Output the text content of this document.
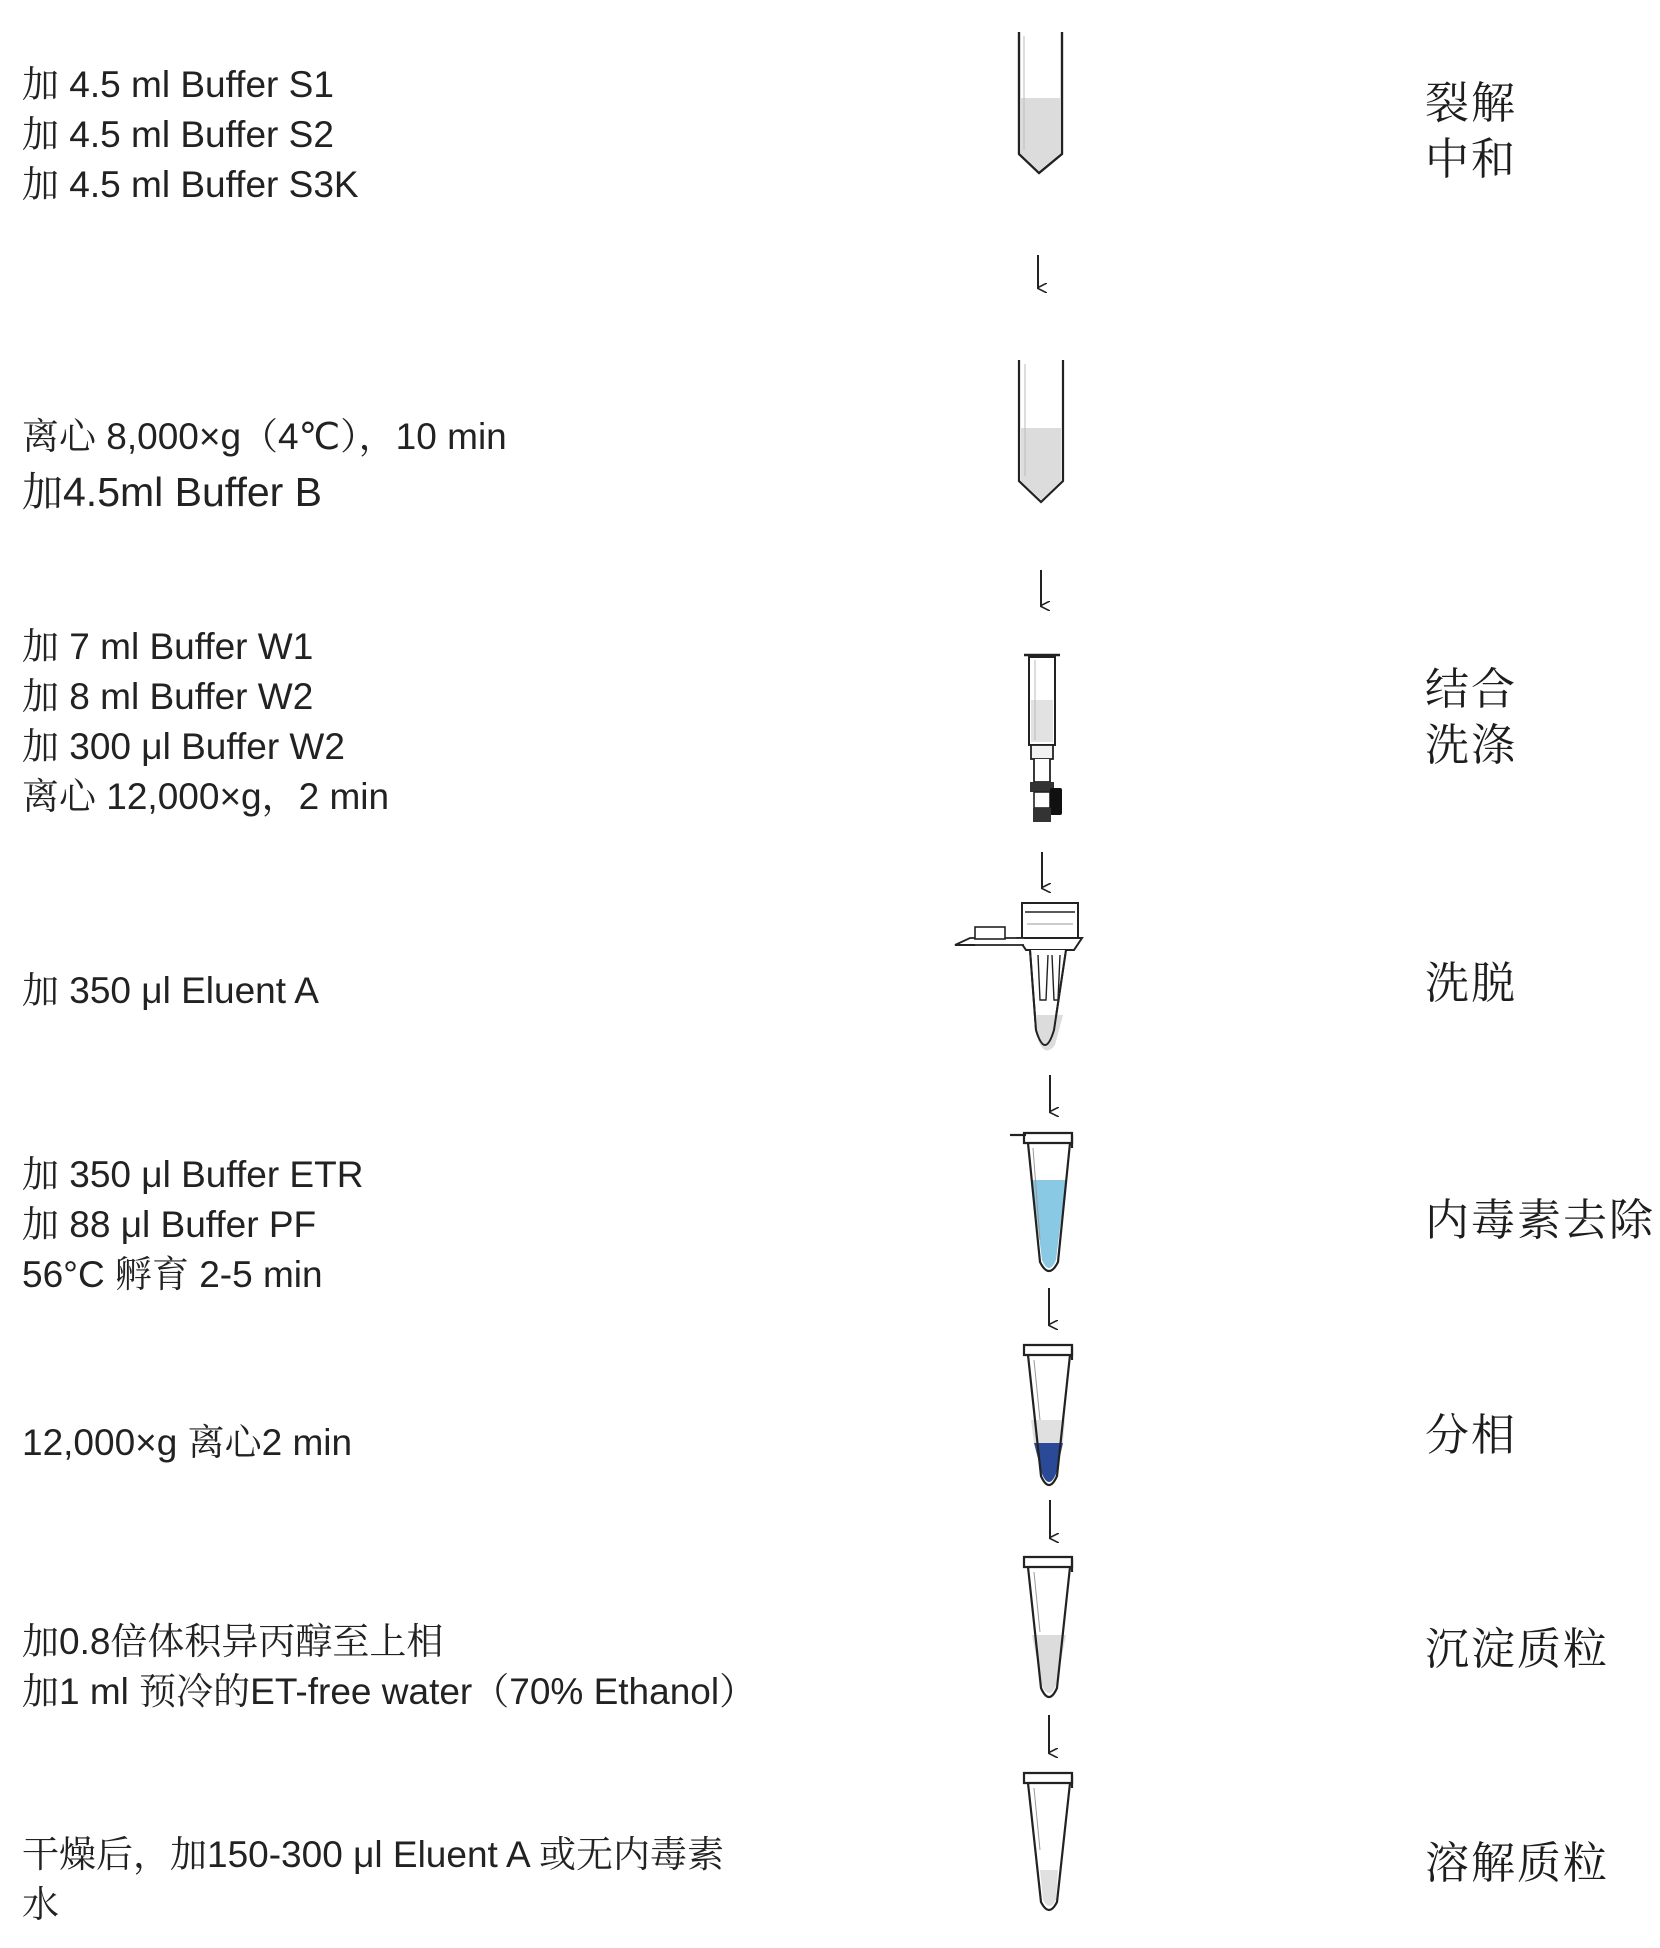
加 4.5 ml Buffer S1
加 4.5 ml Buffer S2
加 4.5 ml Buffer S3K
离心 8,000×g（4℃），10 min
加4.5ml Buffer B
加 7 ml Buffer W1
加 8 ml Buffer W2
加 300 μl Buffer W2
离心 12,000×g，2 min
加 350 μl Eluent A
加 350 μl Buffer ETR
加 88 μl Buffer PF
56°C 孵育 2-5 min
12,000×g 离心2 min
加0.8倍体积异丙醇至上相
加1 ml 预冷的ET-free water（70% Ethanol）
干燥后，加150-300 μl Eluent A 或无内毒素
水
裂解
中和
结合
洗涤
洗脱
内毒素去除
分相
沉淀质粒
溶解质粒
